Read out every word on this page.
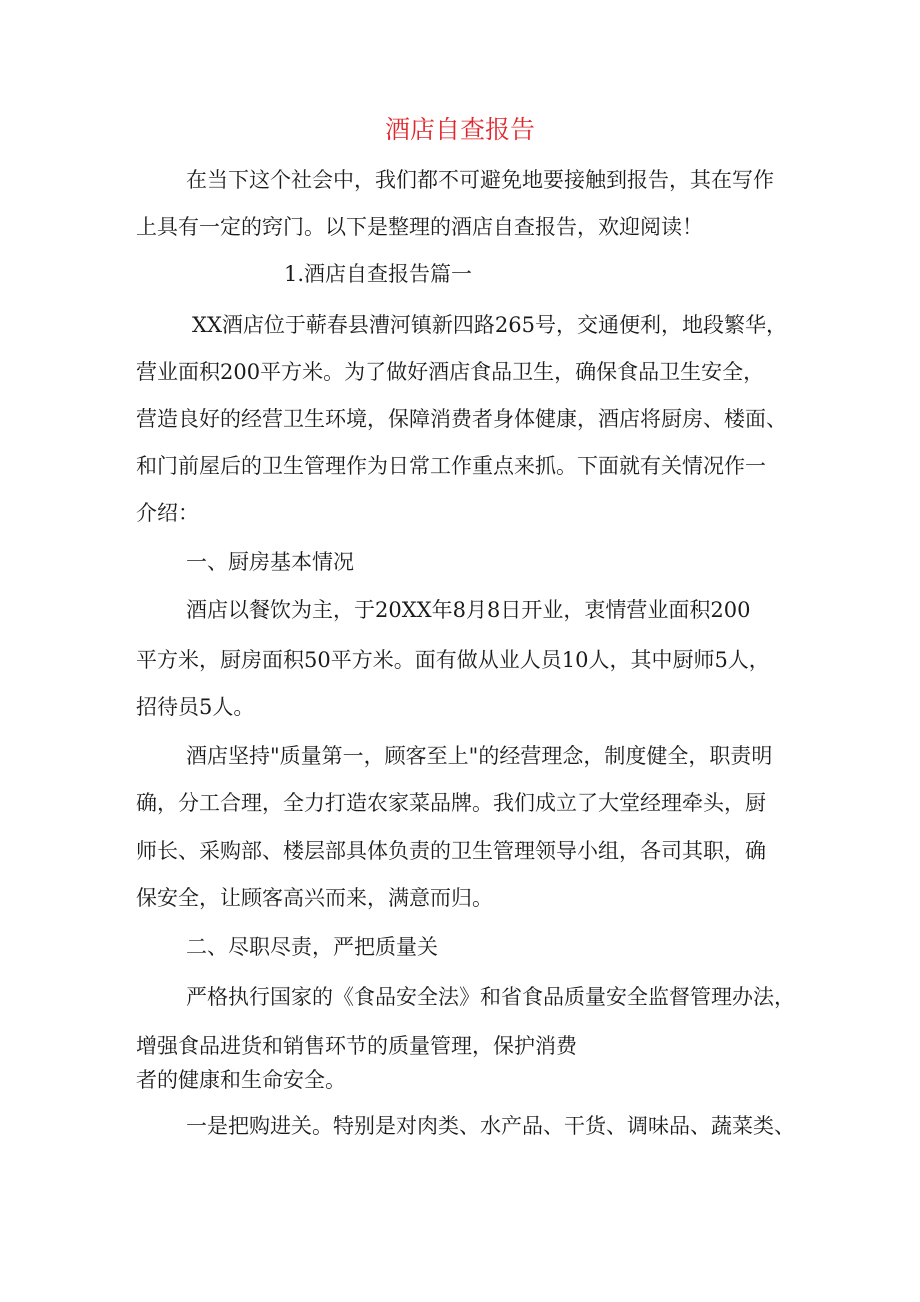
酒店自查报告

在当下这个社会中，我们都不可避免地要接触到报告，其在写作

上具有一定的窍门。以下是整理的酒店自查报告，欢迎阅读！

1.酒店自查报告篇一

XX酒店位于蕲春县漕河镇新四路265号，交通便利，地段繁华，

营业面积200平方米。为了做好酒店食品卫生，确保食品卫生安全，

营造良好的经营卫生环境，保障消费者身体健康，酒店将厨房、楼面、

和门前屋后的卫生管理作为日常工作重点来抓。下面就有关情况作一

介绍：

一、厨房基本情况

酒店以餐饮为主，于20XX年8月8日开业，衷情营业面积200

平方米，厨房面积50平方米。面有做从业人员10人，其中厨师5人，

招待员5人。

酒店坚持"质量第一，顾客至上"的经营理念，制度健全，职责明

确，分工合理，全力打造农家菜品牌。我们成立了大堂经理牵头，厨

师长、采购部、楼层部具体负责的卫生管理领导小组，各司其职，确

保安全，让顾客高兴而来，满意而归。

二、尽职尽责，严把质量关

严格执行国家的《食品安全法》和省食品质量安全监督管理办法，

增强食品进货和销售环节的质量管理，保护消费

者的健康和生命安全。

一是把购进关。特别是对肉类、水产品、干货、调味品、蔬菜类、
